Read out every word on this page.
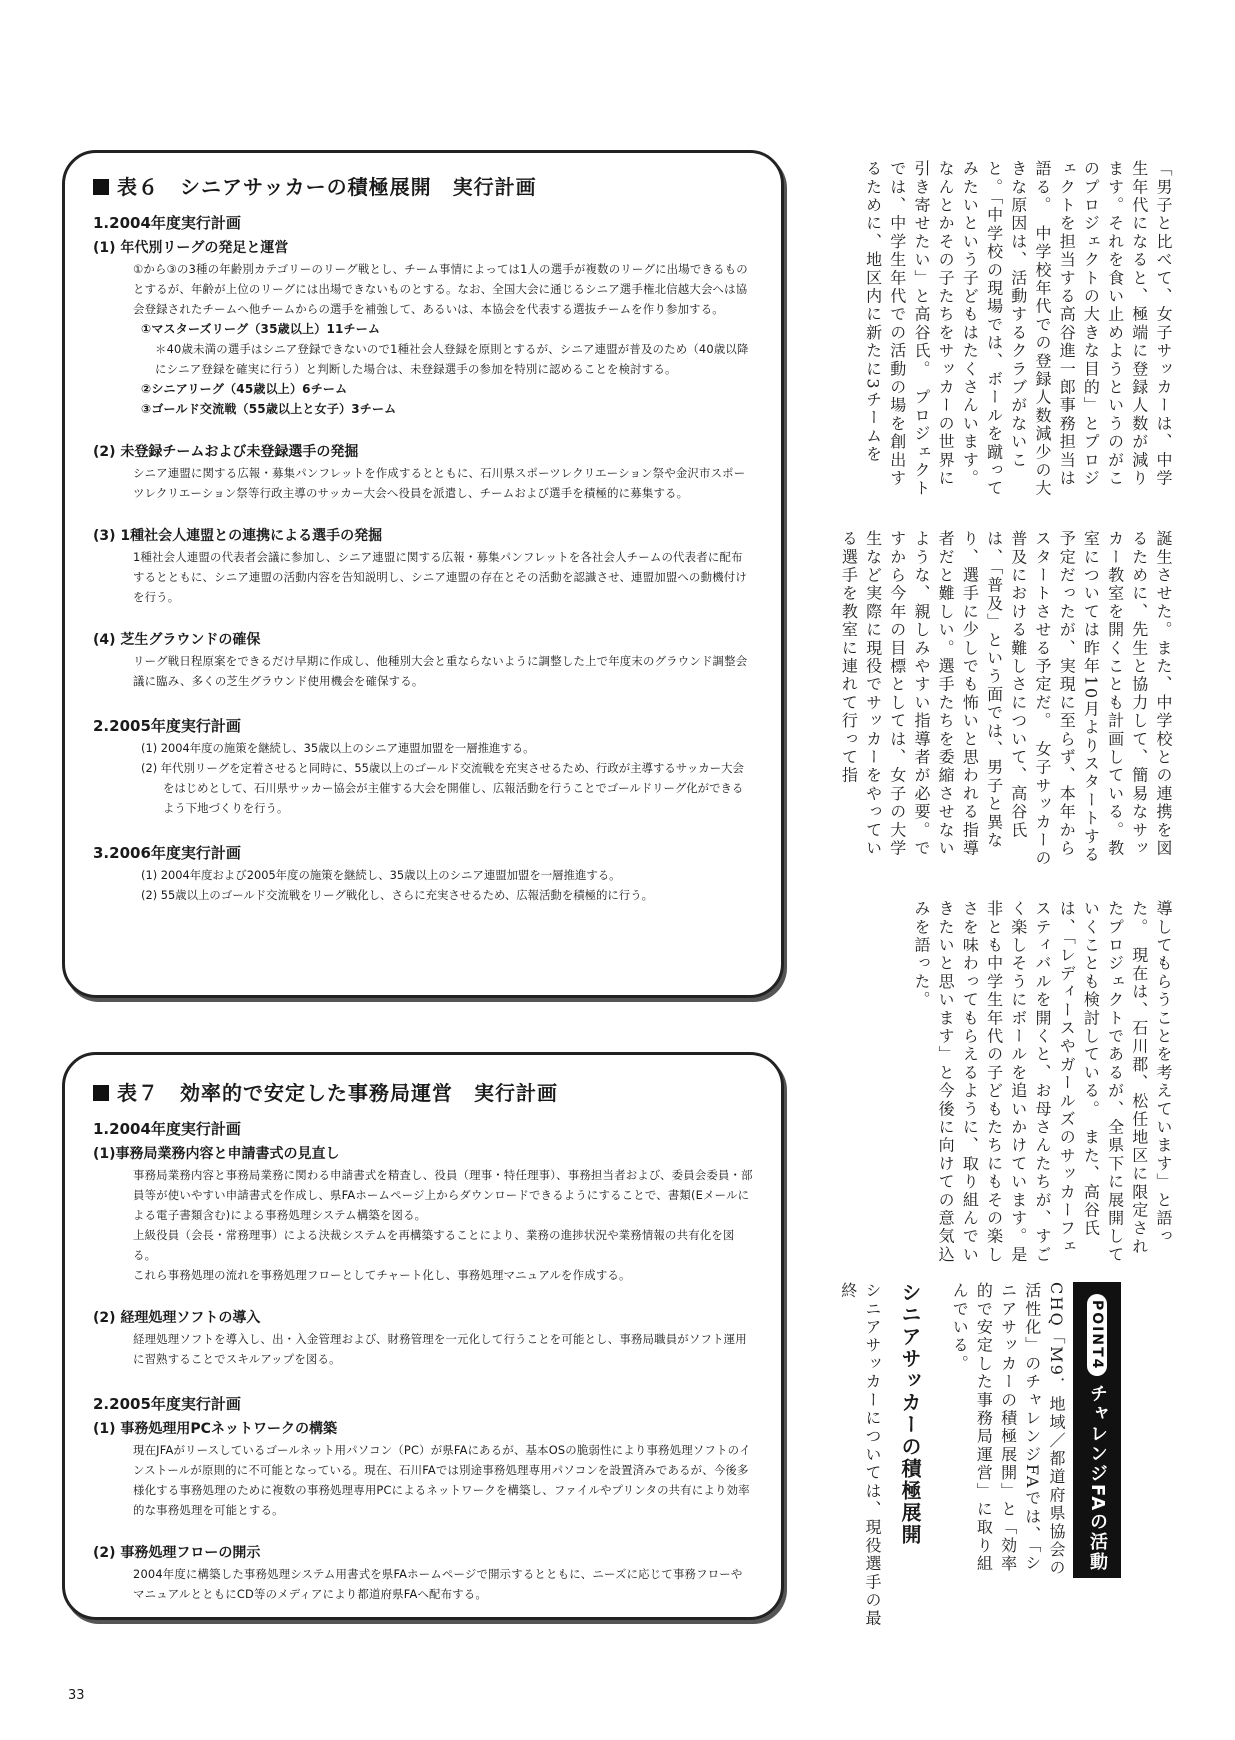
表６　シニアサッカーの積極展開　実行計画
1.2004年度実行計画
(1) 年代別リーグの発足と運営
①から③の3種の年齢別カテゴリーのリーグ戦とし、チーム事情によっては1人の選手が複数のリーグに出場できるものとするが、年齢が上位のリーグには出場できないものとする。なお、全国大会に通じるシニア選手権北信越大会へは協会登録されたチームへ他チームからの選手を補強して、あるいは、本協会を代表する選抜チームを作り参加する。
①マスターズリーグ（35歳以上）11チーム
＊40歳未満の選手はシニア登録できないので1種社会人登録を原則とするが、シニア連盟が普及のため（40歳以降にシニア登録を確実に行う）と判断した場合は、未登録選手の参加を特別に認めることを検討する。
②シニアリーグ（45歳以上）6チーム
③ゴールド交流戦（55歳以上と女子）3チーム
(2) 未登録チームおよび未登録選手の発掘
シニア連盟に関する広報・募集パンフレットを作成するとともに、石川県スポーツレクリエーション祭や金沢市スポーツレクリエーション祭等行政主導のサッカー大会へ役員を派遣し、チームおよび選手を積極的に募集する。
(3) 1種社会人連盟との連携による選手の発掘
1種社会人連盟の代表者会議に参加し、シニア連盟に関する広報・募集パンフレットを各社会人チームの代表者に配布するとともに、シニア連盟の活動内容を告知説明し、シニア連盟の存在とその活動を認識させ、連盟加盟への動機付けを行う。
(4) 芝生グラウンドの確保
リーグ戦日程原案をできるだけ早期に作成し、他種別大会と重ならないように調整した上で年度末のグラウンド調整会議に臨み、多くの芝生グラウンド使用機会を確保する。
2.2005年度実行計画
(1) 2004年度の施策を継続し、35歳以上のシニア連盟加盟を一層推進する。
(2) 年代別リーグを定着させると同時に、55歳以上のゴールド交流戦を充実させるため、行政が主導するサッカー大会をはじめとして、石川県サッカー協会が主催する大会を開催し、広報活動を行うことでゴールドリーグ化ができるよう下地づくりを行う。
3.2006年度実行計画
(1) 2004年度および2005年度の施策を継続し、35歳以上のシニア連盟加盟を一層推進する。
(2) 55歳以上のゴールド交流戦をリーグ戦化し、さらに充実させるため、広報活動を積極的に行う。
表７　効率的で安定した事務局運営　実行計画
1.2004年度実行計画
(1)事務局業務内容と申請書式の見直し
事務局業務内容と事務局業務に関わる申請書式を精査し、役員（理事・特任理事）、事務担当者および、委員会委員・部員等が使いやすい申請書式を作成し、県FAホームページ上からダウンロードできるようにすることで、書類(Eメールによる電子書類含む)による事務処理システム構築を図る。
上級役員（会長・常務理事）による決裁システムを再構築することにより、業務の進捗状況や業務情報の共有化を図る。
これら事務処理の流れを事務処理フローとしてチャート化し、事務処理マニュアルを作成する。
(2) 経理処理ソフトの導入
経理処理ソフトを導入し、出・入金管理および、財務管理を一元化して行うことを可能とし、事務局職員がソフト運用に習熟することでスキルアップを図る。
2.2005年度実行計画
(1) 事務処理用PCネットワークの構築
現在JFAがリースしているゴールネット用パソコン（PC）が県FAにあるが、基本OSの脆弱性により事務処理ソフトのインストールが原則的に不可能となっている。現在、石川FAでは別途事務処理専用パソコンを設置済みであるが、今後多様化する事務処理のために複数の事務処理専用PCによるネットワークを構築し、ファイルやプリンタの共有により効率的な事務処理を可能とする。
(2) 事務処理フローの開示
2004年度に構築した事務処理システム用書式を県FAホームページで開示するとともに、ニーズに応じて事務フローやマニュアルとともにCD等のメディアにより都道府県FAへ配布する。

「男子と比べて、女子サッカーは、中学生年代になると、極端に登録人数が減ります。それを食い止めようというのがこのプロジェクトの大きな目的」とプロジェクトを担当する高谷進一郎事務担当は語る。　中学校年代での登録人数減少の大きな原因は、活動するクラブがないこと。「中学校の現場では、ボールを蹴ってみたいという子どもはたくさんいます。なんとかその子たちをサッカーの世界に引き寄せたい」と高谷氏。　プロジェクトでは、中学生年代での活動の場を創出するために、地区内に新たに3チームを

誕生させた。また、中学校との連携を図るために、先生と協力して、簡易なサッカー教室を開くことも計画している。教室については昨年10月よりスタートする予定だったが、実現に至らず、本年からスタートさせる予定だ。　女子サッカーの普及における難しさについて、高谷氏は、「普及」という面では、男子と異なり、選手に少しでも怖いと思われる指導者だと難しい。選手たちを委縮させないような、親しみやすい指導者が必要。ですから今年の目標としては、女子の大学生など実際に現役でサッカーをやっている選手を教室に連れて行って指

導してもらうことを考えています」と語った。　現在は、石川郡、松任地区に限定されたプロジェクトであるが、全県下に展開していくことも検討している。　また、高谷氏は、「レディースやガールズのサッカーフェスティバルを開くと、お母さんたちが、すごく楽しそうにボールを追いかけています。是非とも中学生年代の子どもたちにもその楽しさを味わってもらえるように、取り組んでいきたいと思います」と今後に向けての意気込みを語った。

POINT4
チャレンジFAの活動

CHQ「M9．地域／都道府県協会の活性化」のチャレンジFAでは、「シニアサッカーの積極展開」と「効率的で安定した事務局運営」に取り組んでいる。

シニアサッカーの積極展開

シニアサッカーについては、現役選手の最終

33
